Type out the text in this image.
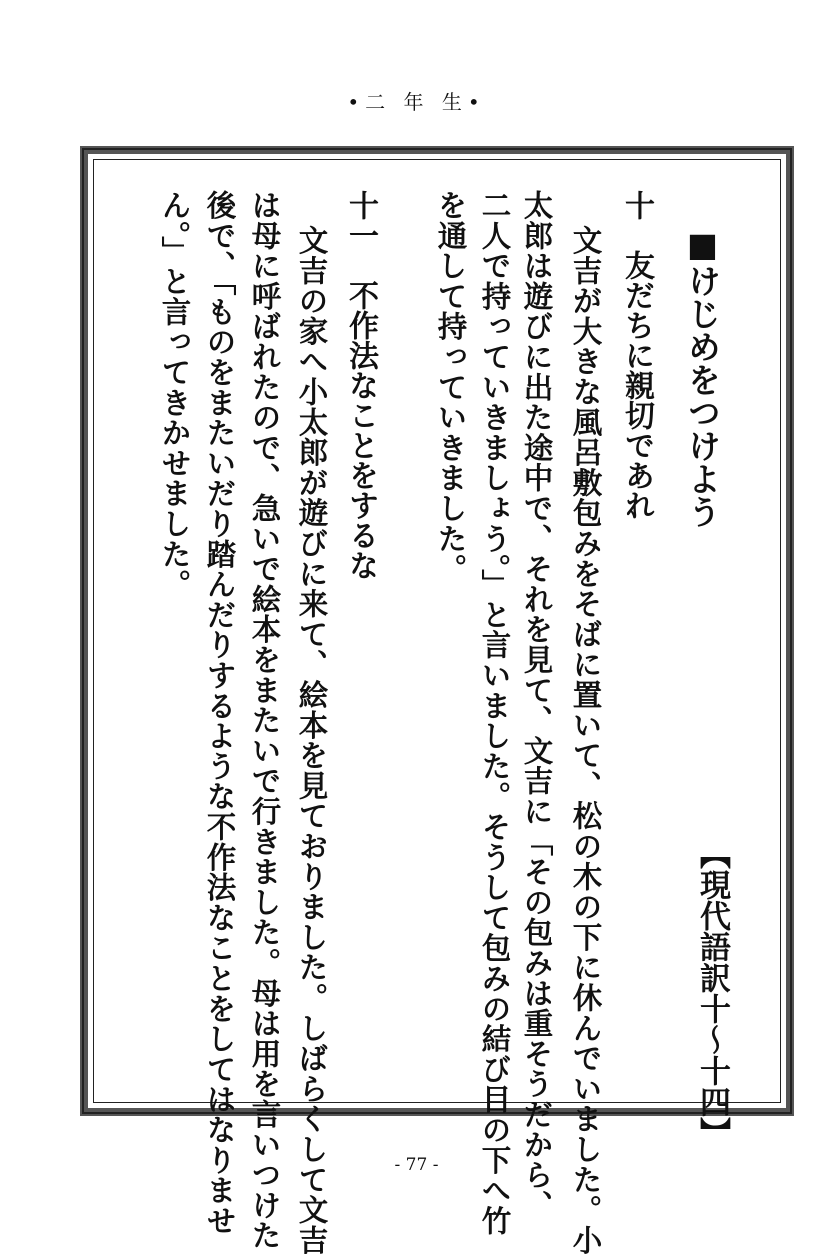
•二 年 生•
■けじめをつけよう
【現代語訳十〜十四】
十　友だちに親切であれ
文吉が大きな風呂敷包みをそばに置いて、松の木の下に休んでいました。小
太郎は遊びに出た途中で、それを見て、文吉に「その包みは重そうだから、
二人で持っていきましょう。」と言いました。そうして包みの結び目の下へ竹
を通して持っていきました。
十一　不作法なことをするな
文吉の家へ小太郎が遊びに来て、絵本を見ておりました。しばらくして文吉
は母に呼ばれたので、急いで絵本をまたいで行きました。母は用を言いつけた
後で、「ものをまたいだり踏んだりするような不作法なことをしてはなりませ
ん。」と言ってきかせました。
- 77 -
